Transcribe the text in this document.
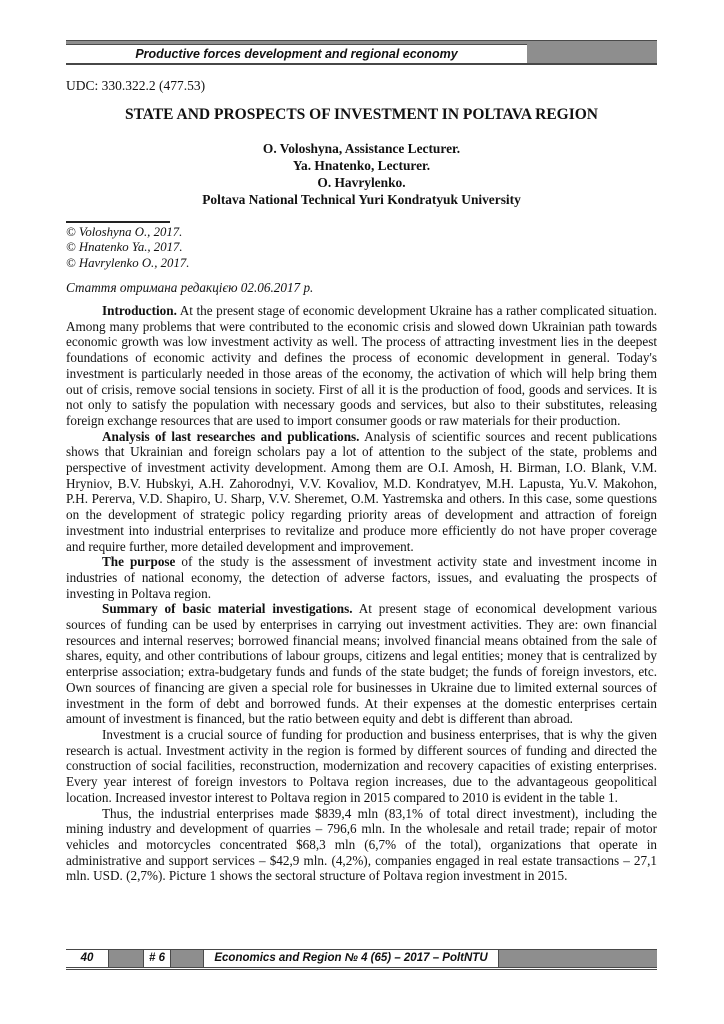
Productive forces development and regional economy
UDC: 330.322.2 (477.53)
STATE AND PROSPECTS OF INVESTMENT IN POLTAVA REGION
O. Voloshyna, Assistance Lecturer.
Ya. Hnatenko, Lecturer.
O. Havrylenko.
Poltava National Technical Yuri Kondratyuk University
© Voloshyna O., 2017.
© Hnatenko Ya., 2017.
© Havrylenko O., 2017.
Стаття отримана редакцією 02.06.2017 р.

Introduction. At the present stage of economic development Ukraine has a rather complicated situation. Among many problems that were contributed to the economic crisis and slowed down Ukrainian path towards economic growth was low investment activity as well. The process of attracting investment lies in the deepest foundations of economic activity and defines the process of economic development in general. Today's investment is particularly needed in those areas of the economy, the activation of which will help bring them out of crisis, remove social tensions in society. First of all it is the production of food, goods and services. It is not only to satisfy the population with necessary goods and services, but also to their substitutes, releasing foreign exchange resources that are used to import consumer goods or raw materials for their production.

Analysis of last researches and publications. Analysis of scientific sources and recent publications shows that Ukrainian and foreign scholars pay a lot of attention to the subject of the state, problems and perspective of investment activity development. Among them are O.I. Amosh, H. Birman, I.O. Blank, V.M. Hryniov, B.V. Hubskyi, A.H. Zahorodnyi, V.V. Kovaliov, M.D. Kondratyev, M.H. Lapusta, Yu.V. Makohon, P.H. Pererva, V.D. Shapiro, U. Sharp, V.V. Sheremet, O.M. Yastremska and others. In this case, some questions on the development of strategic policy regarding priority areas of development and attraction of foreign investment into industrial enterprises to revitalize and produce more efficiently do not have proper coverage and require further, more detailed development and improvement.

The purpose of the study is the assessment of investment activity state and investment income in industries of national economy, the detection of adverse factors, issues, and evaluating the prospects of investing in Poltava region.

Summary of basic material investigations. At present stage of economical development various sources of funding can be used by enterprises in carrying out investment activities. They are: own financial resources and internal reserves; borrowed financial means; involved financial means obtained from the sale of shares, equity, and other contributions of labour groups, citizens and legal entities; money that is centralized by enterprise association; extra-budgetary funds and funds of the state budget; the funds of foreign investors, etc. Own sources of financing are given a special role for businesses in Ukraine due to limited external sources of investment in the form of debt and borrowed funds. At their expenses at the domestic enterprises certain amount of investment is financed, but the ratio between equity and debt is different than abroad.

Investment is a crucial source of funding for production and business enterprises, that is why the given research is actual. Investment activity in the region is formed by different sources of funding and directed the construction of social facilities, reconstruction, modernization and recovery capacities of existing enterprises. Every year interest of foreign investors to Poltava region increases, due to the advantageous geopolitical location. Increased investor interest to Poltava region in 2015 compared to 2010 is evident in the table 1.

Thus, the industrial enterprises made $839,4 mln (83,1% of total direct investment), including the mining industry and development of quarries – 796,6 mln. In the wholesale and retail trade; repair of motor vehicles and motorcycles concentrated $68,3 mln (6,7% of the total), organizations that operate in administrative and support services – $42,9 mln. (4,2%), companies engaged in real estate transactions – 27,1 mln. USD. (2,7%). Picture 1 shows the sectoral structure of Poltava region investment in 2015.

40	# 6	Economics and Region № 4 (65) – 2017 – PoltNTU
